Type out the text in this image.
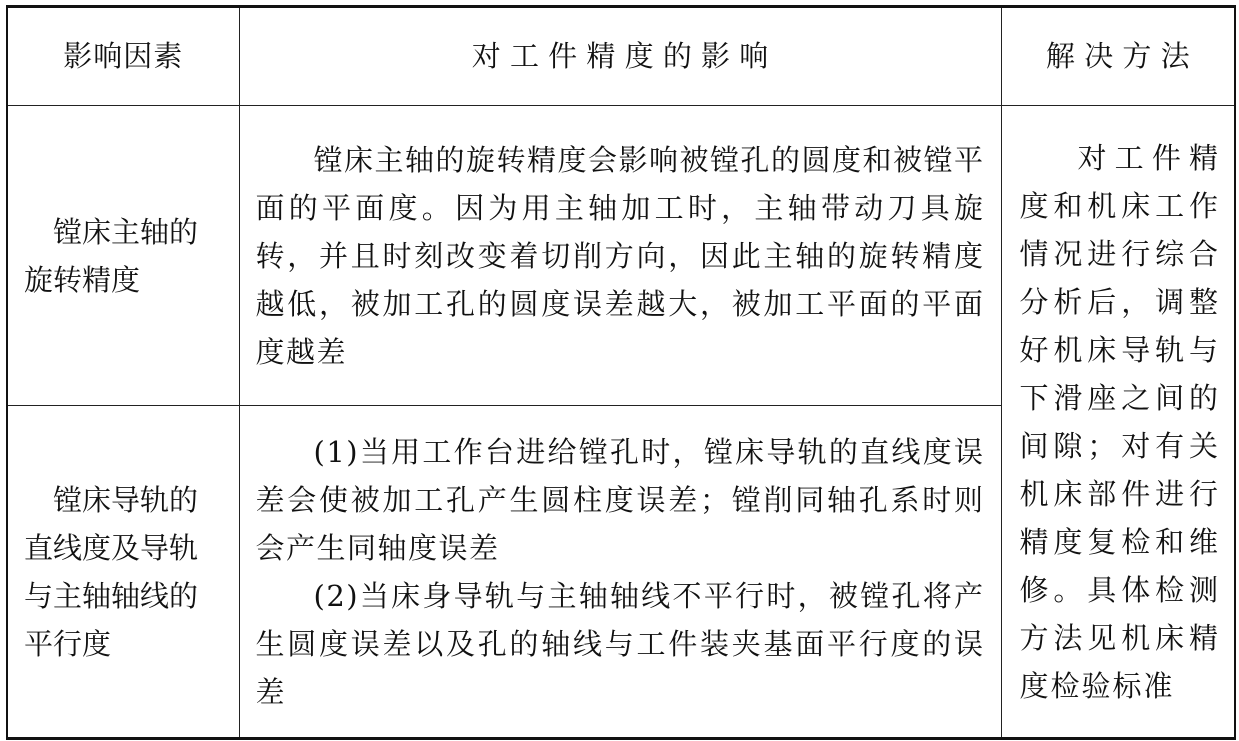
影响因素	对 工 件 精 度 的 影 响	解 决 方 法
镗床主轴的旋转精度	镗床主轴的旋转精度会影响被镗孔的圆度和被镗平面的平面度。因为用主轴加工时，主轴带动刀具旋转，并且时刻改变着切削方向，因此主轴的旋转精度越低，被加工孔的圆度误差越大，被加工平面的平面度越差	对工件精度和机床工作情况进行综合分析后，调整好机床导轨与下滑座之间的间隙；对有关机床部件进行精度复检和维修。具体检测方法见机床精度检验标准

镗床导轨的直线度及导轨与主轴轴线的平行度	(1)当用工作台进给镗孔时，镗床导轨的直线度误差会使被加工孔产生圆柱度误差；镗削同轴孔系时则会产生同轴度误差

(2)当床身导轨与主轴轴线不平行时，被镗孔将产生圆度误差以及孔的轴线与工件装夹基面平行度的误差	
